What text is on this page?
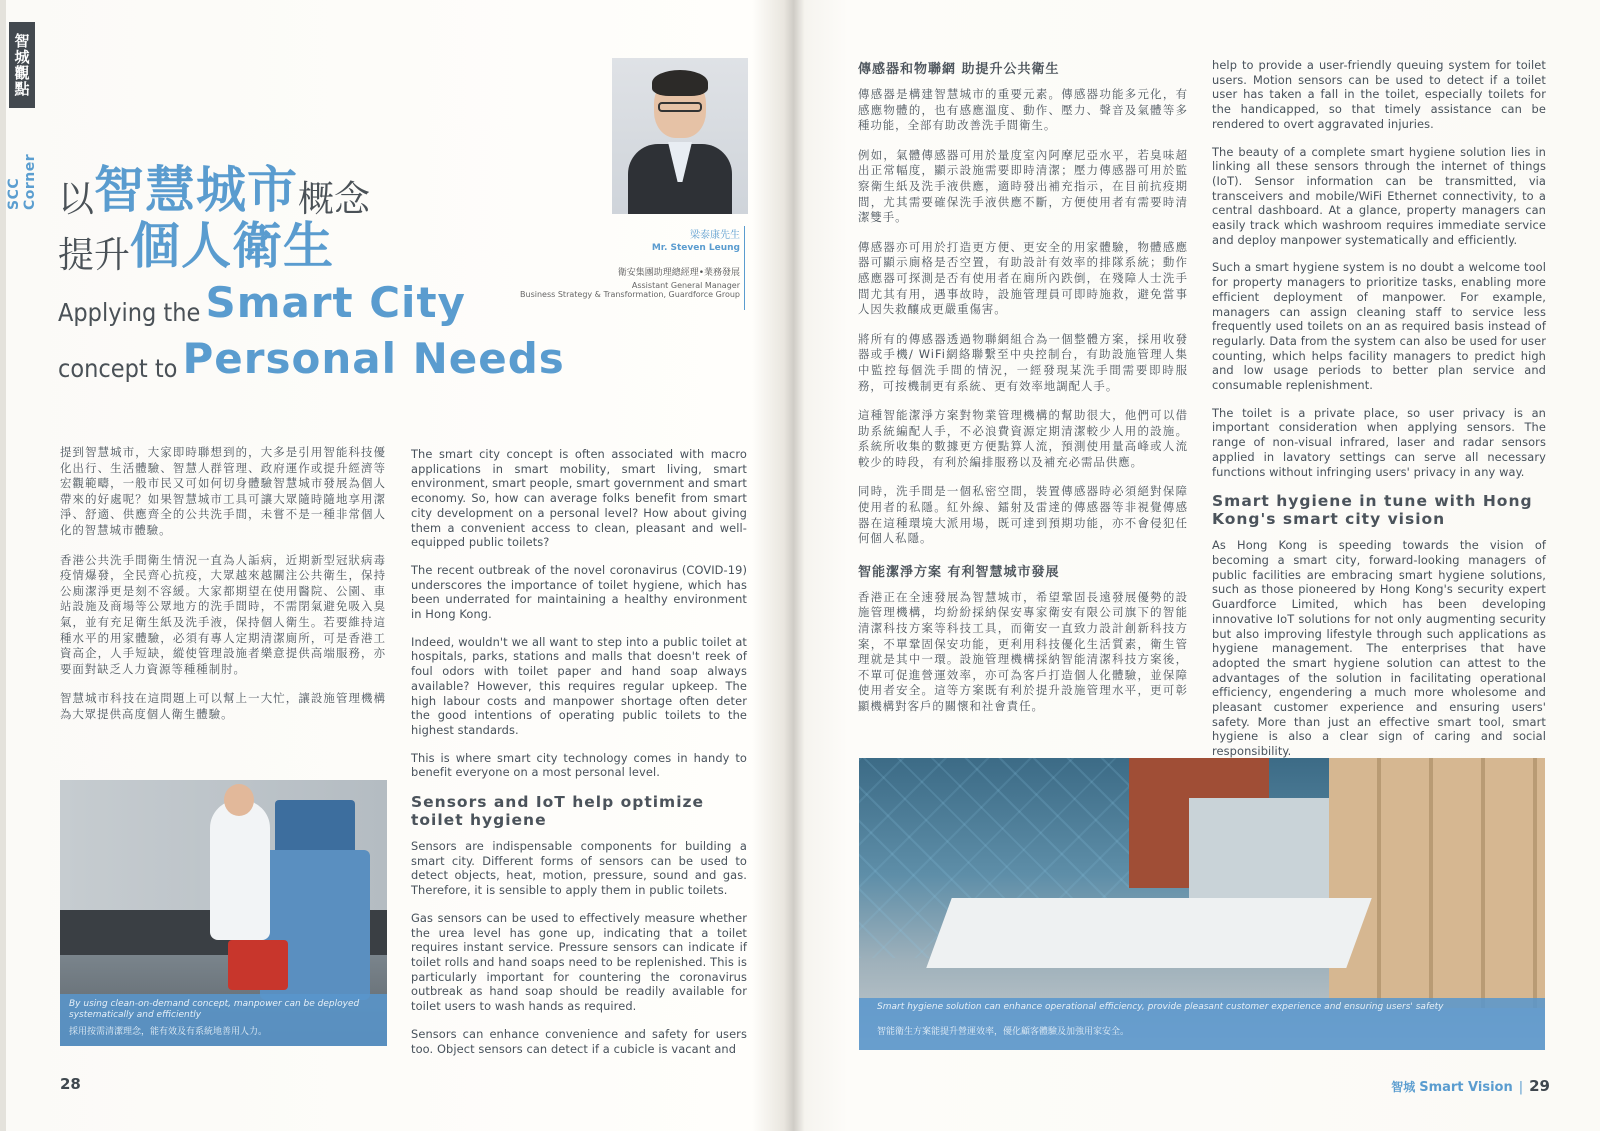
智城觀點
SCC Corner 以智慧城市概念
提升個人衛生
Applying the Smart City
concept to Personal Needs
梁泰康先生
Mr. Steven Leung
衛安集團助理總經理•業務發展
Assistant General Manager
Business Strategy & Transformation, Guardforce Group

提到智慧城市，大家即時聯想到的，大多是引用智能科技優化出行、生活體驗、智慧人群管理、政府運作或提升經濟等宏觀範疇，一般市民又可如何切身體驗智慧城市發展為個人帶來的好處呢？如果智慧城市工具可讓大眾隨時隨地享用潔淨、舒適、供應齊全的公共洗手間，未嘗不是一種非常個人化的智慧城市體驗。

香港公共洗手間衛生情況一直為人詬病，近期新型冠狀病毒疫情爆發，全民齊心抗疫，大眾越來越關注公共衛生，保持公廁潔淨更是刻不容緩。大家都期望在使用醫院、公園、車站設施及商場等公眾地方的洗手間時，不需閉氣避免吸入臭氣，並有充足衛生紙及洗手液，保持個人衛生。若要維持這種水平的用家體驗，必須有專人定期清潔廁所，可是香港工資高企，人手短缺，縱使管理設施者樂意提供高端服務，亦要面對缺乏人力資源等種種制肘。

智慧城市科技在這問題上可以幫上一大忙，讓設施管理機構為大眾提供高度個人衛生體驗。

The smart city concept is often associated with macro applications in smart mobility, smart living, smart environment, smart people, smart government and smart economy. So, how can average folks benefit from smart city development on a personal level? How about giving them a convenient access to clean, pleasant and well-equipped public toilets?

The recent outbreak of the novel coronavirus (COVID-19) underscores the importance of toilet hygiene, which has been underrated for maintaining a healthy environment in Hong Kong.

Indeed, wouldn't we all want to step into a public toilet at hospitals, parks, stations and malls that doesn't reek of foul odors with toilet paper and hand soap always available? However, this requires regular upkeep. The high labour costs and manpower shortage often deter the good intentions of operating public toilets to the highest standards.

This is where smart city technology comes in handy to benefit everyone on a most personal level.

Sensors and IoT help optimize toilet hygiene

Sensors are indispensable components for building a smart city. Different forms of sensors can be used to detect objects, heat, motion, pressure, sound and gas. Therefore, it is sensible to apply them in public toilets.

Gas sensors can be used to effectively measure whether the urea level has gone up, indicating that a toilet requires instant service. Pressure sensors can indicate if toilet rolls and hand soaps need to be replenished. This is particularly important for countering the coronavirus outbreak as hand soap should be readily available for toilet users to wash hands as required.

Sensors can enhance convenience and safety for users too. Object sensors can detect if a cubicle is vacant and

By using clean-on-demand concept, manpower can be deployed systematically and efficiently
採用按需清潔理念，能有效及有系統地善用人力。
傳感器和物聯網 助提升公共衛生

傳感器是構建智慧城市的重要元素。傳感器功能多元化，有感應物體的，也有感應溫度、動作、壓力、聲音及氣體等多種功能，全部有助改善洗手間衛生。

例如，氣體傳感器可用於量度室內阿摩尼亞水平，若臭味超出正常幅度，顯示設施需要即時清潔；壓力傳感器可用於監察衛生紙及洗手液供應，適時發出補充指示，在目前抗疫期間，尤其需要確保洗手液供應不斷，方便使用者有需要時清潔雙手。

傳感器亦可用於打造更方便、更安全的用家體驗，物體感應器可顯示廁格是否空置，有助設計有效率的排隊系統；動作感應器可探測是否有使用者在廁所內跌倒，在殘障人士洗手間尤其有用，遇事故時，設施管理員可即時施救，避免當事人因失救釀成更嚴重傷害。

將所有的傳感器透過物聯網組合為一個整體方案，採用收發器或手機/ WiFi網絡聯繫至中央控制台，有助設施管理人集中監控每個洗手間的情況，一經發現某洗手間需要即時服務，可按機制更有系統、更有效率地調配人手。

這種智能潔淨方案對物業管理機構的幫助很大，他們可以借助系統編配人手，不必浪費資源定期清潔較少人用的設施。系統所收集的數據更方便點算人流，預測使用量高峰或人流較少的時段，有利於編排服務以及補充必需品供應。

同時，洗手間是一個私密空間，裝置傳感器時必須絕對保障使用者的私隱。紅外線、鐳射及雷達的傳感器等非視覺傳感器在這種環境大派用場，既可達到預期功能，亦不會侵犯任何個人私隱。

智能潔淨方案 有利智慧城市發展

香港正在全速發展為智慧城市，希望鞏固長遠發展優勢的設施管理機構，均紛紛採納保安專家衛安有限公司旗下的智能清潔科技方案等科技工具，而衛安一直致力設計創新科技方案，不單鞏固保安功能，更利用科技優化生活質素，衛生管理就是其中一環。設施管理機構採納智能清潔科技方案後，不單可促進營運效率，亦可為客戶打造個人化體驗，並保障使用者安全。這等方案既有利於提升設施管理水平，更可彰顯機構對客戶的關懷和社會責任。

help to provide a user-friendly queuing system for toilet users. Motion sensors can be used to detect if a toilet user has taken a fall in the toilet, especially toilets for the handicapped, so that timely assistance can be rendered to overt aggravated injuries.

The beauty of a complete smart hygiene solution lies in linking all these sensors through the internet of things (IoT). Sensor information can be transmitted, via transceivers and mobile/WiFi Ethernet connectivity, to a central dashboard. At a glance, property managers can easily track which washroom requires immediate service and deploy manpower systematically and efficiently.

Such a smart hygiene system is no doubt a welcome tool for property managers to prioritize tasks, enabling more efficient deployment of manpower. For example, managers can assign cleaning staff to service less frequently used toilets on an as required basis instead of regularly. Data from the system can also be used for user counting, which helps facility managers to predict high and low usage periods to better plan service and consumable replenishment.

The toilet is a private place, so user privacy is an important consideration when applying sensors. The range of non-visual infrared, laser and radar sensors applied in lavatory settings can serve all necessary functions without infringing users' privacy in any way.

Smart hygiene in tune with Hong Kong's smart city vision

As Hong Kong is speeding towards the vision of becoming a smart city, forward-looking managers of public facilities are embracing smart hygiene solutions, such as those pioneered by Hong Kong's security expert Guardforce Limited, which has been developing innovative IoT solutions for not only augmenting security but also improving lifestyle through such applications as hygiene management. The enterprises that have adopted the smart hygiene solution can attest to the advantages of the solution in facilitating operational efficiency, engendering a much more wholesome and pleasant customer experience and ensuring users' safety. More than just an effective smart tool, smart hygiene is also a clear sign of caring and social responsibility.

Smart hygiene solution can enhance operational efficiency, provide pleasant customer experience and ensuring users' safety
智能衛生方案能提升營運效率，優化顧客體驗及加強用家安全。
28	智城 Smart Vision | 29
